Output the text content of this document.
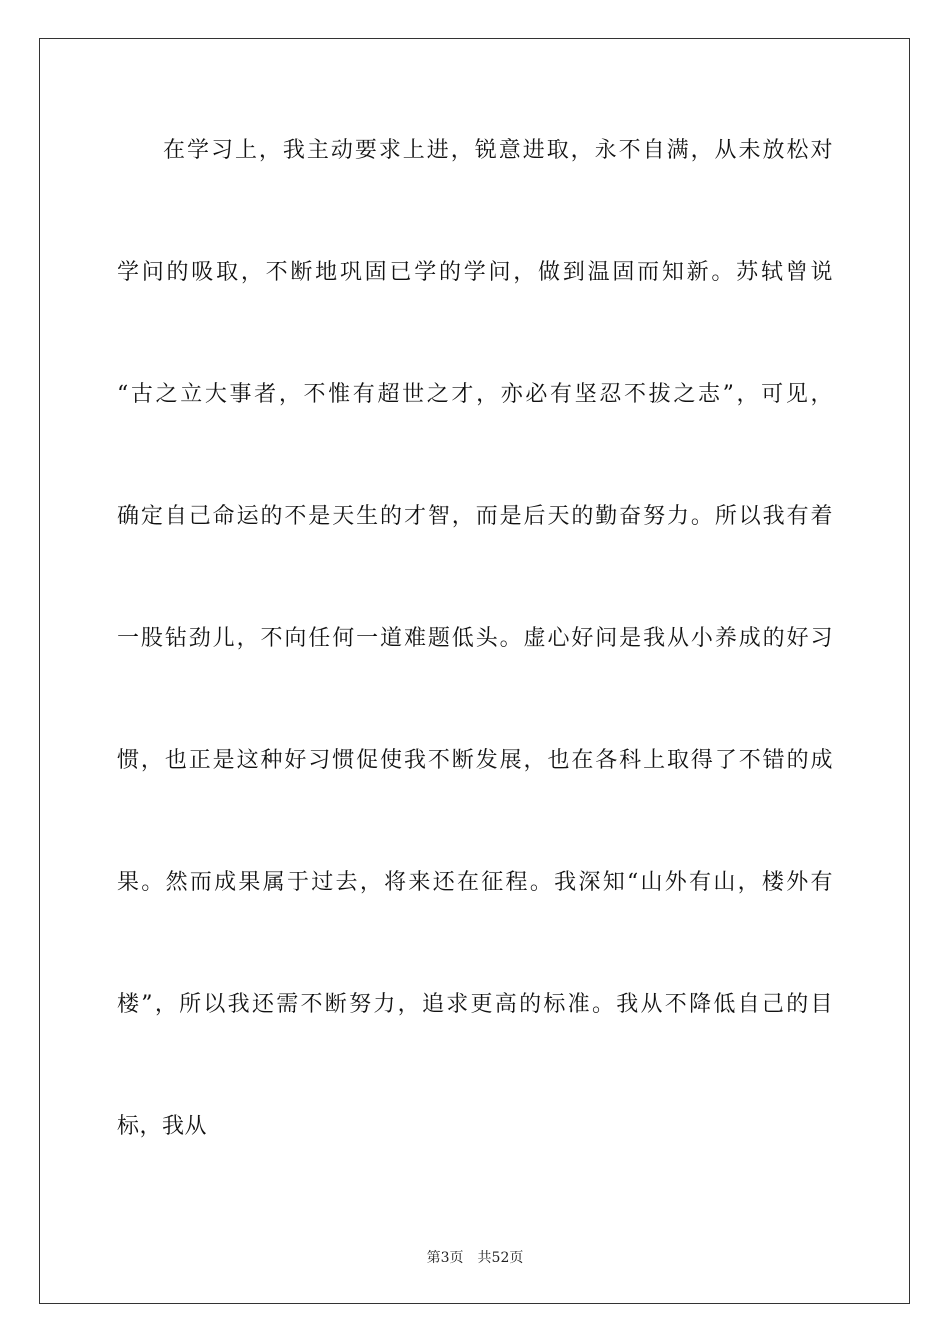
在学习上，我主动要求上进，锐意进取，永不自满，从未放松对
学问的吸取，不断地巩固已学的学问，做到温固而知新。苏轼曾说
“古之立大事者，不惟有超世之才，亦必有坚忍不拔之志”，可见，
确定自己命运的不是天生的才智，而是后天的勤奋努力。所以我有着
一股钻劲儿，不向任何一道难题低头。虚心好问是我从小养成的好习
惯，也正是这种好习惯促使我不断发展，也在各科上取得了不错的成
果。然而成果属于过去，将来还在征程。我深知“山外有山，楼外有
楼”，所以我还需不断努力，追求更高的标准。我从不降低自己的目
标，我从
第3页 共52页
